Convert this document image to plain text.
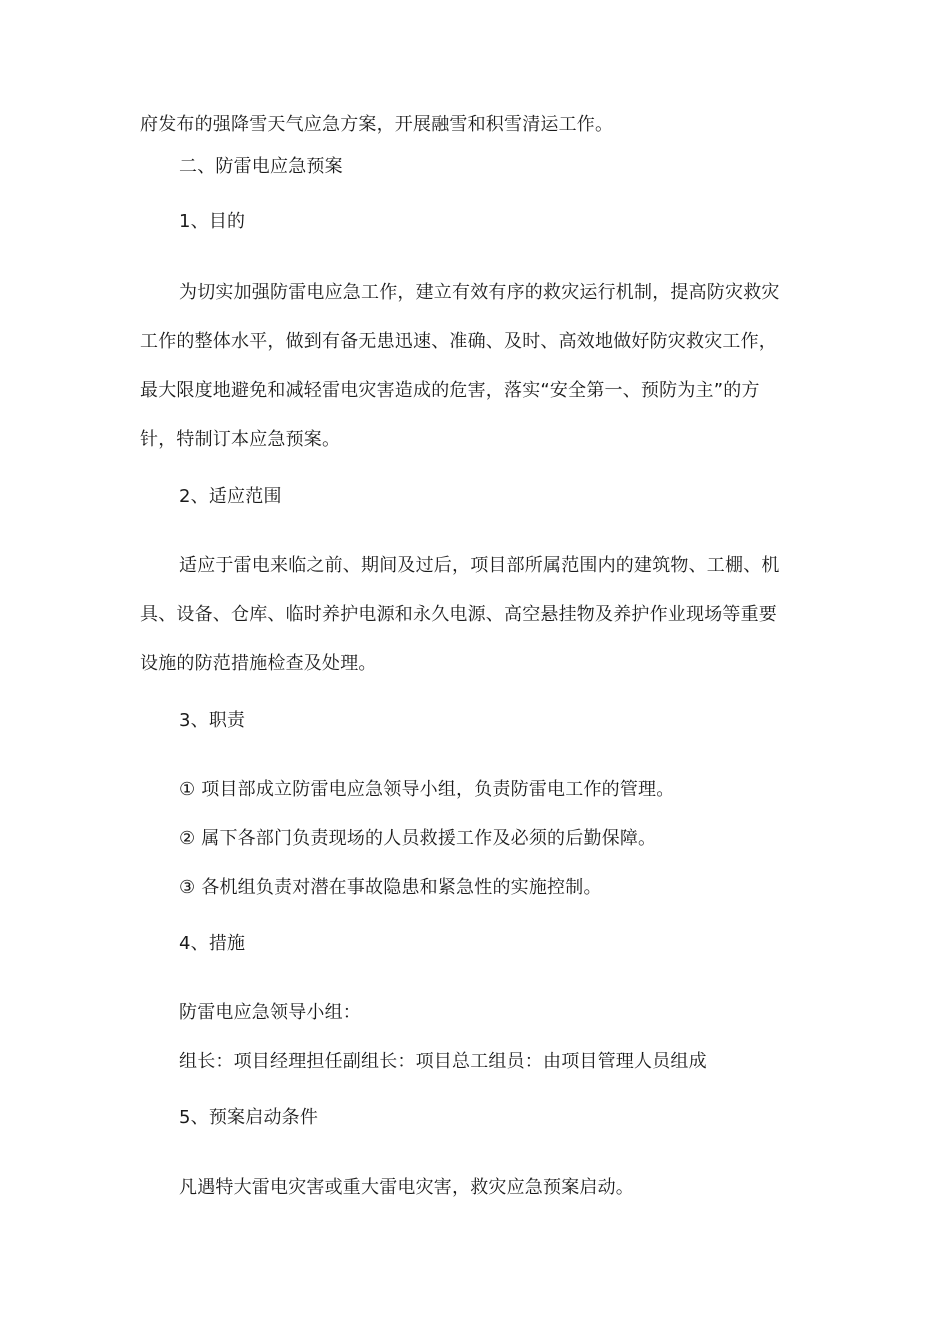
府发布的强降雪天气应急方案，开展融雪和积雪清运工作。
二、防雷电应急预案
1、目的
为切实加强防雷电应急工作，建立有效有序的救灾运行机制，提高防灾救灾
工作的整体水平，做到有备无患迅速、准确、及时、高效地做好防灾救灾工作，
最大限度地避免和减轻雷电灾害造成的危害，落实“安全第一、预防为主”的方
针，特制订本应急预案。
2、适应范围
适应于雷电来临之前、期间及过后，项目部所属范围内的建筑物、工棚、机
具、设备、仓库、临时养护电源和永久电源、高空悬挂物及养护作业现场等重要
设施的防范措施检查及处理。
3、职责
① 项目部成立防雷电应急领导小组，负责防雷电工作的管理。
② 属下各部门负责现场的人员救援工作及必须的后勤保障。
③ 各机组负责对潜在事故隐患和紧急性的实施控制。
4、措施
防雷电应急领导小组：
组长：项目经理担任副组长：项目总工组员：由项目管理人员组成
5、预案启动条件
凡遇特大雷电灾害或重大雷电灾害，救灾应急预案启动。
